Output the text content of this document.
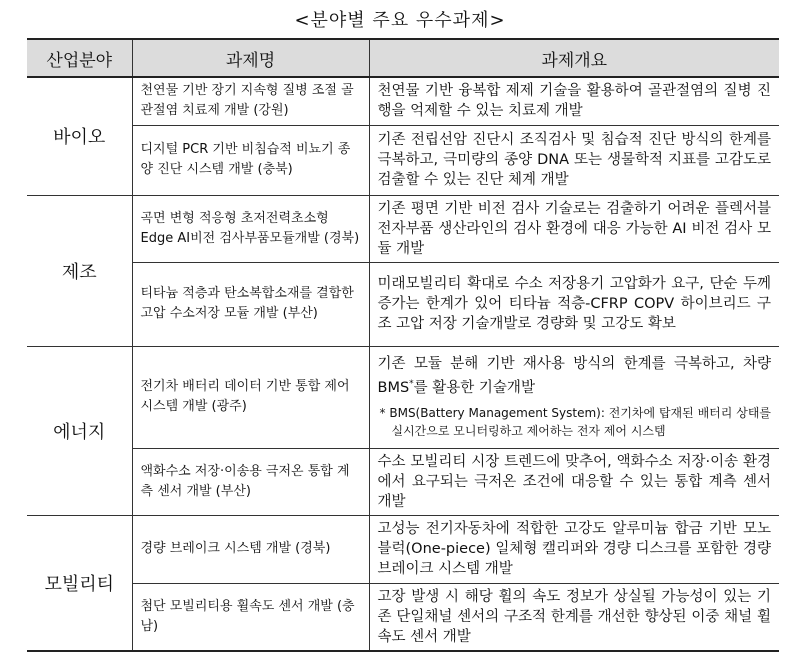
<분야별 주요 우수과제>
산업분야	과제명	과제개요
바이오	천연물 기반 장기 지속형 질병 조절 골관절염 치료제 개발 (강원)	천연물 기반 융복합 제제 기술을 활용하여 골관절염의 질병 진행을 억제할 수 있는 치료제 개발
	디지털 PCR 기반 비침습적 비뇨기 종양 진단 시스템 개발 (충북)	기존 전립선암 진단시 조직검사 및 침습적 진단 방식의 한계를 극복하고, 극미량의 종양 DNA 또는 생물학적 지표를 고감도로 검출할 수 있는 진단 체계 개발
제조	곡면 변형 적응형 초저전력초소형 Edge AI비전 검사부품모듈개발 (경북)	기존 평면 기반 비전 검사 기술로는 검출하기 어려운 플렉서블 전자부품 생산라인의 검사 환경에 대응 가능한 AI 비전 검사 모듈 개발
	티타늄 적층과 탄소복합소재를 결합한 고압 수소저장 모듈 개발 (부산)	미래모빌리티 확대로 수소 저장용기 고압화가 요구, 단순 두께 증가는 한계가 있어 티타늄 적층-CFRP COPV 하이브리드 구조 고압 저장 기술개발로 경량화 및 고강도 확보
에너지	전기차 배터리 데이터 기반 통합 제어시스템 개발 (광주)	기존 모듈 분해 기반 재사용 방식의 한계를 극복하고, 차량 BMS*를 활용한 기술개발
* BMS(Battery Management System): 전기차에 탑재된 배터리 상태를 실시간으로 모니터링하고 제어하는 전자 제어 시스템

	액화수소 저장·이송용 극저온 통합 계측 센서 개발 (부산)	수소 모빌리티 시장 트렌드에 맞추어, 액화수소 저장·이송 환경에서 요구되는 극저온 조건에 대응할 수 있는 통합 계측 센서 개발
모빌리티	경량 브레이크 시스템 개발 (경북)	고성능 전기자동차에 적합한 고강도 알루미늄 합금 기반 모노블럭(One-piece) 일체형 캘리퍼와 경량 디스크를 포함한 경량 브레이크 시스템 개발
	첨단 모빌리티용 휠속도 센서 개발 (충남)	고장 발생 시 해당 휠의 속도 정보가 상실될 가능성이 있는 기존 단일채널 센서의 구조적 한계를 개선한 향상된 이중 채널 휠 속도 센서 개발
